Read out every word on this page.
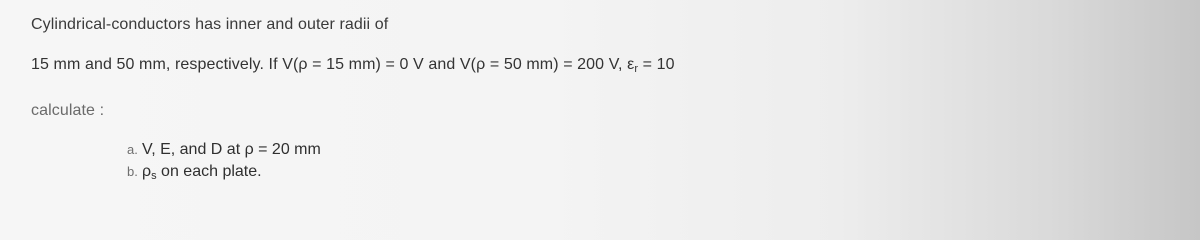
Cylindrical-conductors has inner and outer radii of
15 mm and 50 mm, respectively. If V(ρ = 15 mm) = 0 V and V(ρ = 50 mm) = 200 V, $\varepsilon_r = 10$
calculate :
a. V, E, and D at ρ = 20 mm
b. $\rho_s$ on each plate.
